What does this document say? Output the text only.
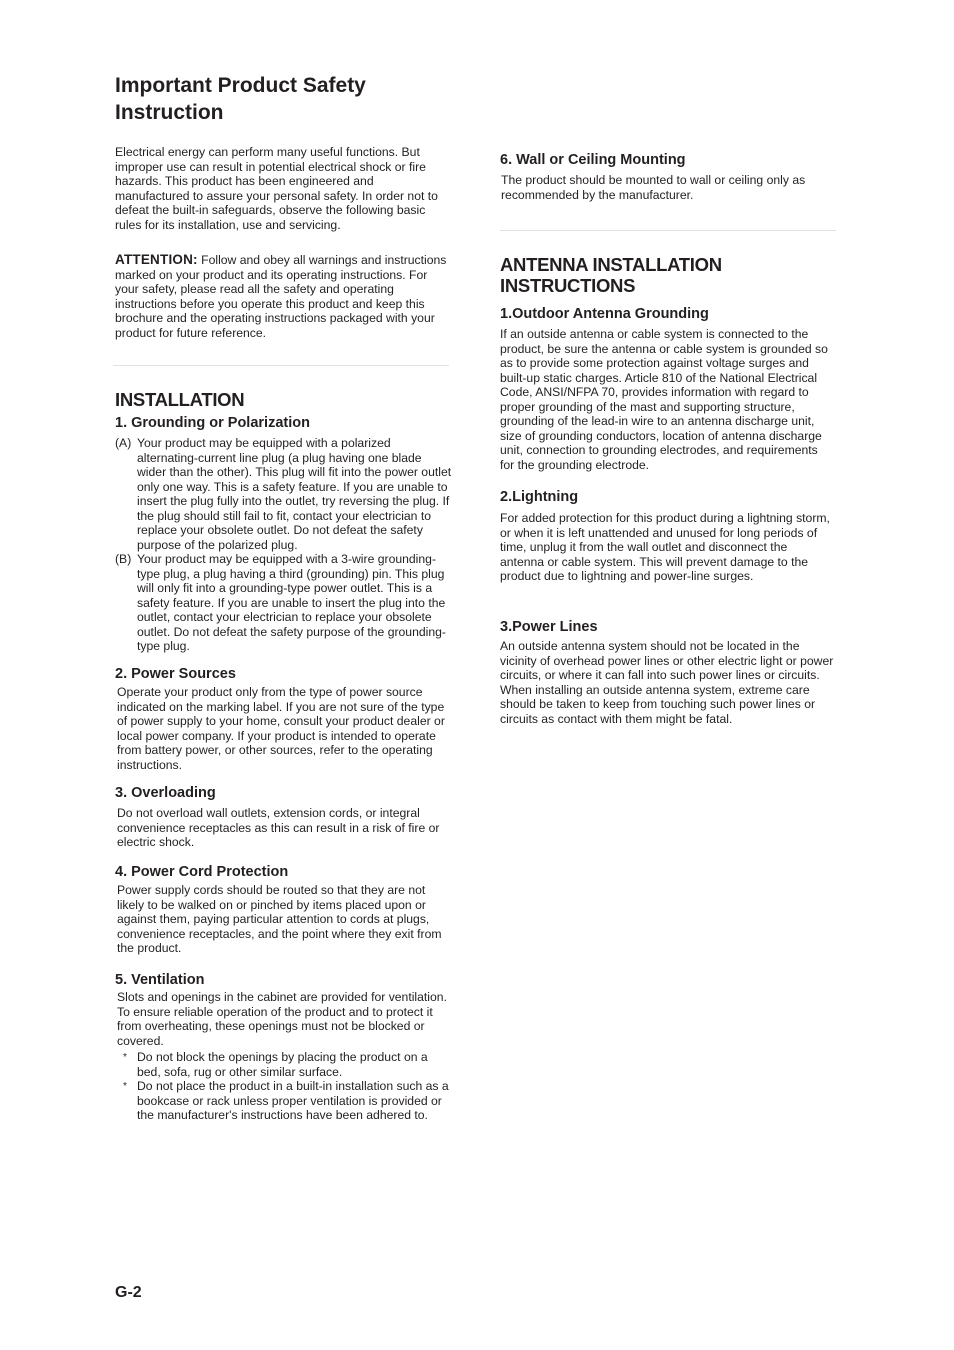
Important Product Safety Instruction

Electrical energy can perform many useful functions. But improper use can result in potential electrical shock or fire hazards. This product has been engineered and manufactured to assure your personal safety. In order not to defeat the built-in safeguards, observe the following basic rules for its installation, use and servicing.

ATTENTION: Follow and obey all warnings and instructions marked on your product and its operating instructions. For your safety, please read all the safety and operating instructions before you operate this product and keep this brochure and the operating instructions packaged with your product for future reference.

INSTALLATION
1. Grounding or Polarization

(A) Your product may be equipped with a polarized alternating-current line plug (a plug having one blade wider than the other). This plug will fit into the power outlet only one way. This is a safety feature. If you are unable to insert the plug fully into the outlet, try reversing the plug. If the plug should still fail to fit, contact your electrician to replace your obsolete outlet. Do not defeat the safety purpose of the polarized plug.

(B) Your product may be equipped with a 3-wire grounding-type plug, a plug having a third (grounding) pin. This plug will only fit into a grounding-type power outlet. This is a safety feature. If you are unable to insert the plug into the outlet, contact your electrician to replace your obsolete outlet. Do not defeat the safety purpose of the grounding-type plug.

2. Power Sources

Operate your product only from the type of power source indicated on the marking label. If you are not sure of the type of power supply to your home, consult your product dealer or local power company. If your product is intended to operate from battery power, or other sources, refer to the operating instructions.

3. Overloading

Do not overload wall outlets, extension cords, or integral convenience receptacles as this can result in a risk of fire or electric shock.

4. Power Cord Protection

Power supply cords should be routed so that they are not likely to be walked on or pinched by items placed upon or against them, paying particular attention to cords at plugs, convenience receptacles, and the point where they exit from the product.

5. Ventilation

Slots and openings in the cabinet are provided for ventilation. To ensure reliable operation of the product and to protect it from overheating, these openings must not be blocked or covered.

* Do not block the openings by placing the product on a bed, sofa, rug or other similar surface.

* Do not place the product in a built-in installation such as a bookcase or rack unless proper ventilation is provided or the manufacturer's instructions have been adhered to.

6. Wall or Ceiling Mounting

The product should be mounted to wall or ceiling only as recommended by the manufacturer.

ANTENNA INSTALLATION INSTRUCTIONS
1.Outdoor Antenna Grounding

If an outside antenna or cable system is connected to the product, be sure the antenna or cable system is grounded so as to provide some protection against voltage surges and built-up static charges. Article 810 of the National Electrical Code, ANSI/NFPA 70, provides information with regard to proper grounding of the mast and supporting structure, grounding of the lead-in wire to an antenna discharge unit, size of grounding conductors, location of antenna discharge unit, connection to grounding electrodes, and requirements for the grounding electrode.

2.Lightning

For added protection for this product during a lightning storm, or when it is left unattended and unused for long periods of time, unplug it from the wall outlet and disconnect the antenna or cable system. This will prevent damage to the product due to lightning and power-line surges.

3.Power Lines

An outside antenna system should not be located in the vicinity of overhead power lines or other electric light or power circuits, or where it can fall into such power lines or circuits. When installing an outside antenna system, extreme care should be taken to keep from touching such power lines or circuits as contact with them might be fatal.

G-2
